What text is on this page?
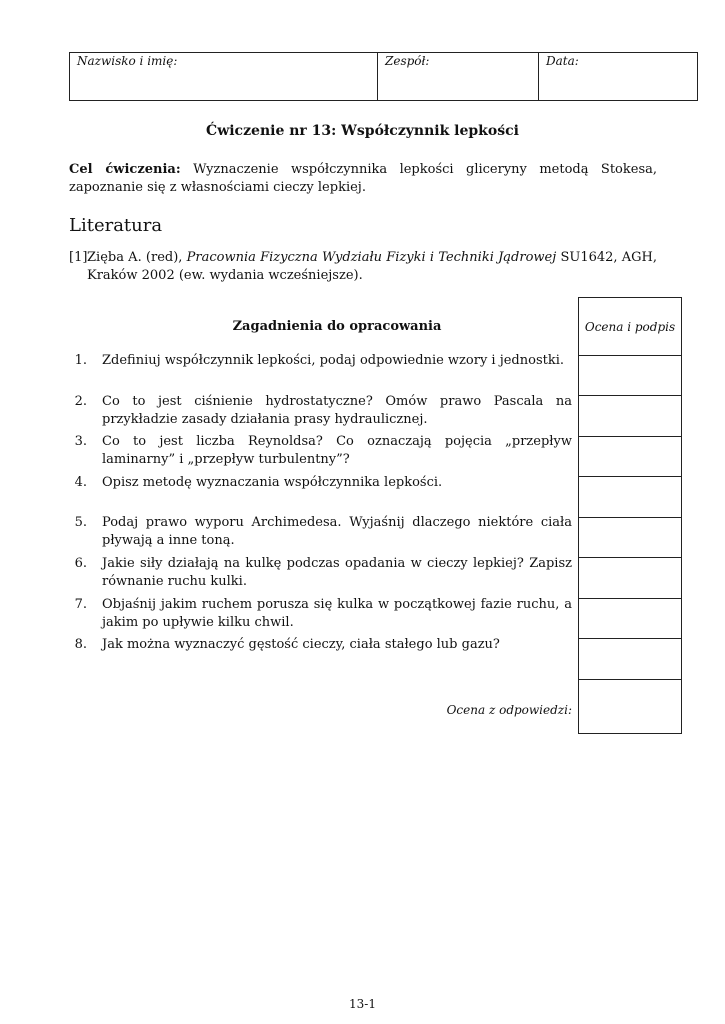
Nazwisko i imię:	Zespół:	Data:
Ćwiczenie nr 13: Współczynnik lepkości
Cel ćwiczenia: Wyznaczenie współczynnika lepkości gliceryny metodą Stokesa, zapoznanie się z własnościami cieczy lepkiej.
Literatura
[1] Zięba A. (red), Pracownia Fizyczna Wydziału Fizyki i Techniki Jądrowej SU1642, AGH, Kraków 2002 (ew. wydania wcześniejsze).
Ocena i podpis
Zagadnienia do opracowania
1. Zdefiniuj współczynnik lepkości, podaj odpowiednie wzory i jednostki.
2. Co to jest ciśnienie hydrostatyczne? Omów prawo Pascala na przykładzie zasady działania prasy hydraulicznej.
3. Co to jest liczba Reynoldsa? Co oznaczają pojęcia „przepływ laminarny” i „przepływ turbulentny”?
4. Opisz metodę wyznaczania współczynnika lepkości.
5. Podaj prawo wyporu Archimedesa. Wyjaśnij dlaczego niektóre ciała pływają a inne toną.
6. Jakie siły działają na kulkę podczas opadania w cieczy lepkiej? Zapisz równanie ruchu kulki.
7. Objaśnij jakim ruchem porusza się kulka w początkowej fazie ruchu, a jakim po upływie kilku chwil.
8. Jak można wyznaczyć gęstość cieczy, ciała stałego lub gazu?
Ocena z odpowiedzi:
13-1
